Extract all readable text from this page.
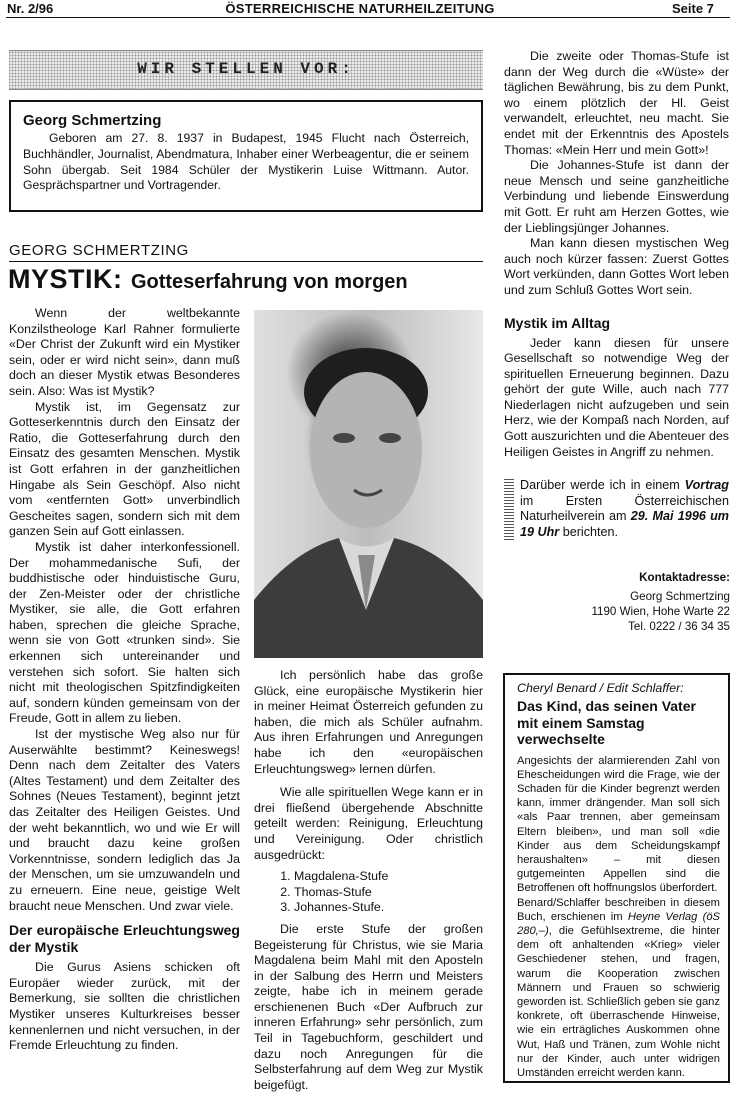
Nr. 2/96	ÖSTERREICHISCHE NATURHEILZEITUNG	Seite 7
WIR STELLEN VOR:
Georg Schmertzing
Geboren am 27. 8. 1937 in Budapest, 1945 Flucht nach Österreich, Buchhändler, Journalist, Abendmatura, Inhaber einer Werbeagentur, die er seinem Sohn übergab. Seit 1984 Schüler der Mystikerin Luise Wittmann. Autor. Gesprächspartner und Vortragender.
GEORG SCHMERTZING
MYSTIK: Gotteserfahrung von morgen

Wenn der weltbekannte Konzilstheologe Karl Rahner formulierte «Der Christ der Zukunft wird ein Mystiker sein, oder er wird nicht sein», dann muß doch an dieser Mystik etwas Besonderes sein. Also: Was ist Mystik?

Mystik ist, im Gegensatz zur Gotteserkenntnis durch den Einsatz der Ratio, die Gotteserfahrung durch den Einsatz des gesamten Menschen. Mystik ist Gott erfahren in der ganzheitlichen Hingabe als Sein Geschöpf. Also nicht vom «entfernten Gott» unverbindlich Gescheites sagen, sondern sich mit dem ganzen Sein auf Gott einlassen.

Mystik ist daher interkonfessionell. Der mohammedanische Sufi, der buddhistische oder hinduistische Guru, der Zen-Meister oder der christliche Mystiker, sie alle, die Gott erfahren haben, sprechen die gleiche Sprache, wenn sie von Gott «trunken sind». Sie erkennen sich untereinander und verstehen sich sofort. Sie halten sich nicht mit theologischen Spitzfindigkeiten auf, sondern künden gemeinsam von der Freude, Gott in allem zu lieben.

Ist der mystische Weg also nur für Auserwählte bestimmt? Keineswegs! Denn nach dem Zeitalter des Vaters (Altes Testament) und dem Zeitalter des Sohnes (Neues Testament), beginnt jetzt das Zeitalter des Heiligen Geistes. Und der weht bekanntlich, wo und wie Er will und braucht dazu keine großen Vorkenntnisse, sondern lediglich das Ja der Menschen, um sie umzuwandeln und zu erneuern. Eine neue, geistige Welt braucht neue Menschen. Und zwar viele.

Der europäische Erleuchtungsweg der Mystik

Die Gurus Asiens schicken oft Europäer wieder zurück, mit der Bemerkung, sie sollten die christlichen Mystiker unseres Kulturkreises besser kennenlernen und nicht versuchen, in der Fremde Erleuchtung zu finden.

Ich persönlich habe das große Glück, eine europäische Mystikerin hier in meiner Heimat Österreich gefunden zu haben, die mich als Schüler aufnahm. Aus ihren Erfahrungen und Anregungen habe ich den «europäischen Erleuchtungsweg» lernen dürfen.

Wie alle spirituellen Wege kann er in drei fließend übergehende Abschnitte geteilt werden: Reinigung, Erleuchtung und Vereinigung. Oder christlich ausgedrückt:

1. Magdalena-Stufe
2. Thomas-Stufe
3. Johannes-Stufe.

Die erste Stufe der großen Begeisterung für Christus, wie sie Maria Magdalena beim Mahl mit den Aposteln in der Salbung des Herrn und Meisters zeigte, habe ich in meinem gerade erschienenen Buch «Der Aufbruch zur inneren Erfahrung» sehr persönlich, zum Teil in Tagebuchform, geschildert und dazu noch Anregungen für die Selbsterfahrung auf dem Weg zur Mystik beigefügt.

Die zweite oder Thomas-Stufe ist dann der Weg durch die «Wüste» der täglichen Bewährung, bis zu dem Punkt, wo einem plötzlich der Hl. Geist verwandelt, erleuchtet, neu macht. Sie endet mit der Erkenntnis des Apostels Thomas: «Mein Herr und mein Gott»!

Die Johannes-Stufe ist dann der neue Mensch und seine ganzheitliche Verbindung und liebende Einswerdung mit Gott. Er ruht am Herzen Gottes, wie der Lieblingsjünger Johannes.

Man kann diesen mystischen Weg auch noch kürzer fassen: Zuerst Gottes Wort verkünden, dann Gottes Wort leben und zum Schluß Gottes Wort sein.

Mystik im Alltag

Jeder kann diesen für unsere Gesellschaft so notwendige Weg der spirituellen Erneuerung beginnen. Dazu gehört der gute Wille, auch nach 777 Niederlagen nicht aufzugeben und sein Herz, wie der Kompaß nach Norden, auf Gott auszurichten und die Abenteuer des Heiligen Geistes in Angriff zu nehmen.

Darüber werde ich in einem Vortrag im Ersten Österreichischen Naturheilverein am 29. Mai 1996 um 19 Uhr berichten.
Kontaktadresse:
Georg Schmertzing
1190 Wien, Hohe Warte 22
Tel. 0222 / 36 34 35
Cheryl Benard / Edit Schlaffer:
Das Kind, das seinen Vater mit einem Samstag verwechselte

Angesichts der alarmierenden Zahl von Ehescheidungen wird die Frage, wie der Schaden für die Kinder begrenzt werden kann, immer drängender. Man soll sich «als Paar trennen, aber gemeinsam Eltern bleiben», und man soll «die Kinder aus dem Scheidungskampf heraushalten» – mit diesen gutgemeinten Appellen sind die Betroffenen oft hoffnungslos überfordert.

Benard/Schlaffer beschreiben in diesem Buch, erschienen im Heyne Verlag (öS 280,–), die Gefühlsextreme, die hinter dem oft anhaltenden «Krieg» vieler Geschiedener stehen, und fragen, warum die Kooperation zwischen Männern und Frauen so schwierig geworden ist. Schließlich geben sie ganz konkrete, oft überraschende Hinweise, wie ein erträgliches Auskommen ohne Wut, Haß und Tränen, zum Wohle nicht nur der Kinder, auch unter widrigen Umständen erreicht werden kann.
